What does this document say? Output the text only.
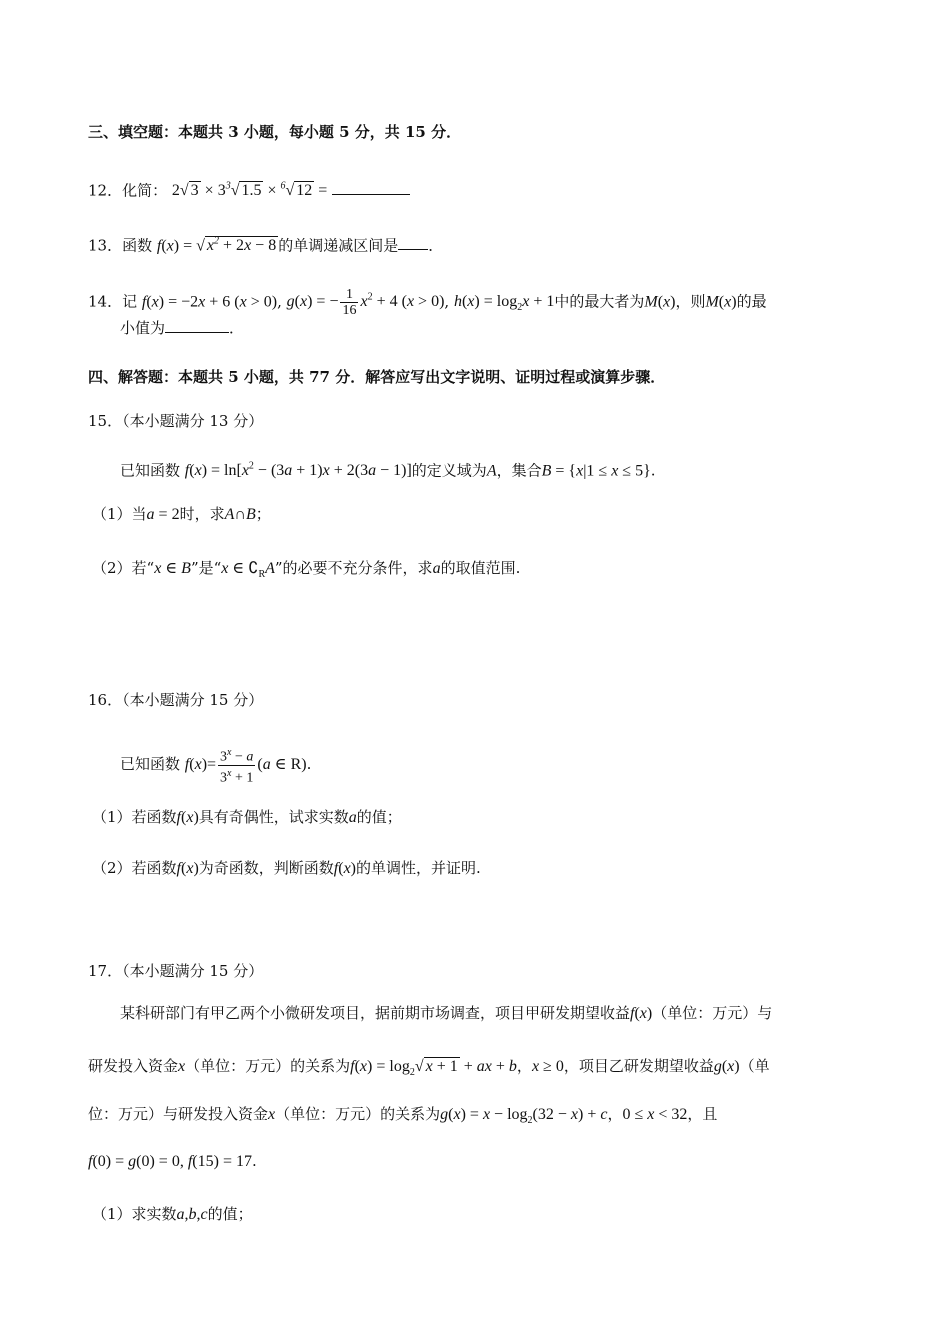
三、填空题：本题共 3 小题，每小题 5 分，共 15 分．
12．化简： 2√ $3 \times 3^3√$ 1.5 × $^6$√ 12 =
13．函数 f(x) = √ $x^2 + 2x - 8$ 的单调递减区间是 ．
14．记 f(x) = −2x + 6 (x > 0), g(x) = − $\frac{1}{16} x^2 + 4$ (x > 0), $h(x) = \log_2x + 1$中的最大者为M(x)，则M(x)的最
小值为	．
四、解答题：本题共 5 小题，共 77 分．解答应写出文字说明、证明过程或演算步骤．
15．（本小题满分 13 分）
已知函数 $f(x) = \ln[x^2 - (3a + 1)x + 2(3a - 1)]$的定义域为A，集合B = {x|1 ≤ x ≤ 5}.
（1）当a = 2时，求A∩B；
（2）若“x ∈ B”是“x ∈ $∁_RA$”的必要不充分条件，求a的取值范围.
16．（本小题满分 15 分）
已知函数 $f(x)= \frac{3^x - a}{3^x + 1} (a$ ∈ R).
（1）若函数f(x)具有奇偶性，试求实数a的值；
（2）若函数f(x)为奇函数，判断函数f(x)的单调性，并证明.
17．（本小题满分 15 分）
某科研部门有甲乙两个小微研发项目，据前期市场调查，项目甲研发期望收益f(x)（单位：万元）与
研发投入资金x（单位：万元）的关系为$f(x) = \log_2√$ x + 1 + ax + b，x ≥ 0，项目乙研发期望收益g(x)（单
位：万元）与研发投入资金x（单位：万元）的关系为$g(x) = x - \log_2(32 - x) + c$，0 ≤ x < 32，且
f(0) = g(0) = 0, f(15) = 17.
（1）求实数a,b,c的值；
